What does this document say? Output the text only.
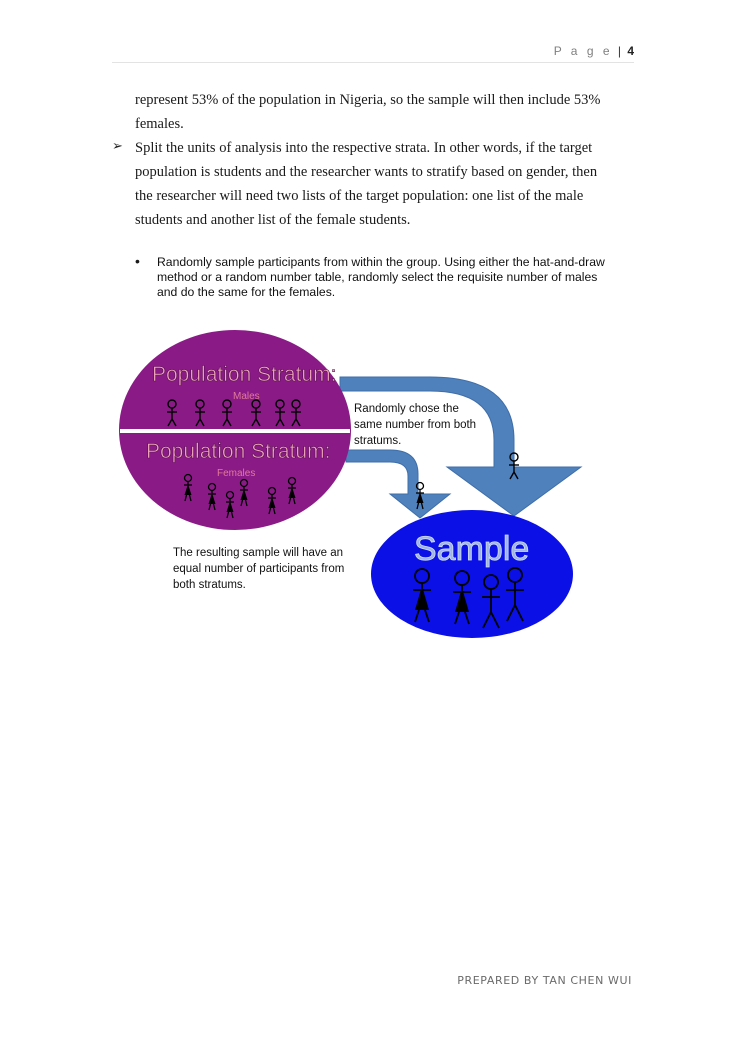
P a g e | 4
represent 53% of the population in Nigeria, so the sample will then include 53%
females.
➢ Split the units of analysis into the respective strata. In other words, if the target
population is students and the researcher wants to stratify based on gender, then
the researcher will need two lists of the target population: one list of the male
students and another list of the female students.
• Randomly sample participants from within the group. Using either the hat-and-draw
method or a random number table, randomly select the requisite number of males
and do the same for the females.
Population Stratum:
Males
Population Stratum:
Females
Randomly chose the
same number from both
stratums.
The resulting sample will have an
equal number of participants from
both stratums.
Sample
PREPARED BY TAN CHEN WUI
